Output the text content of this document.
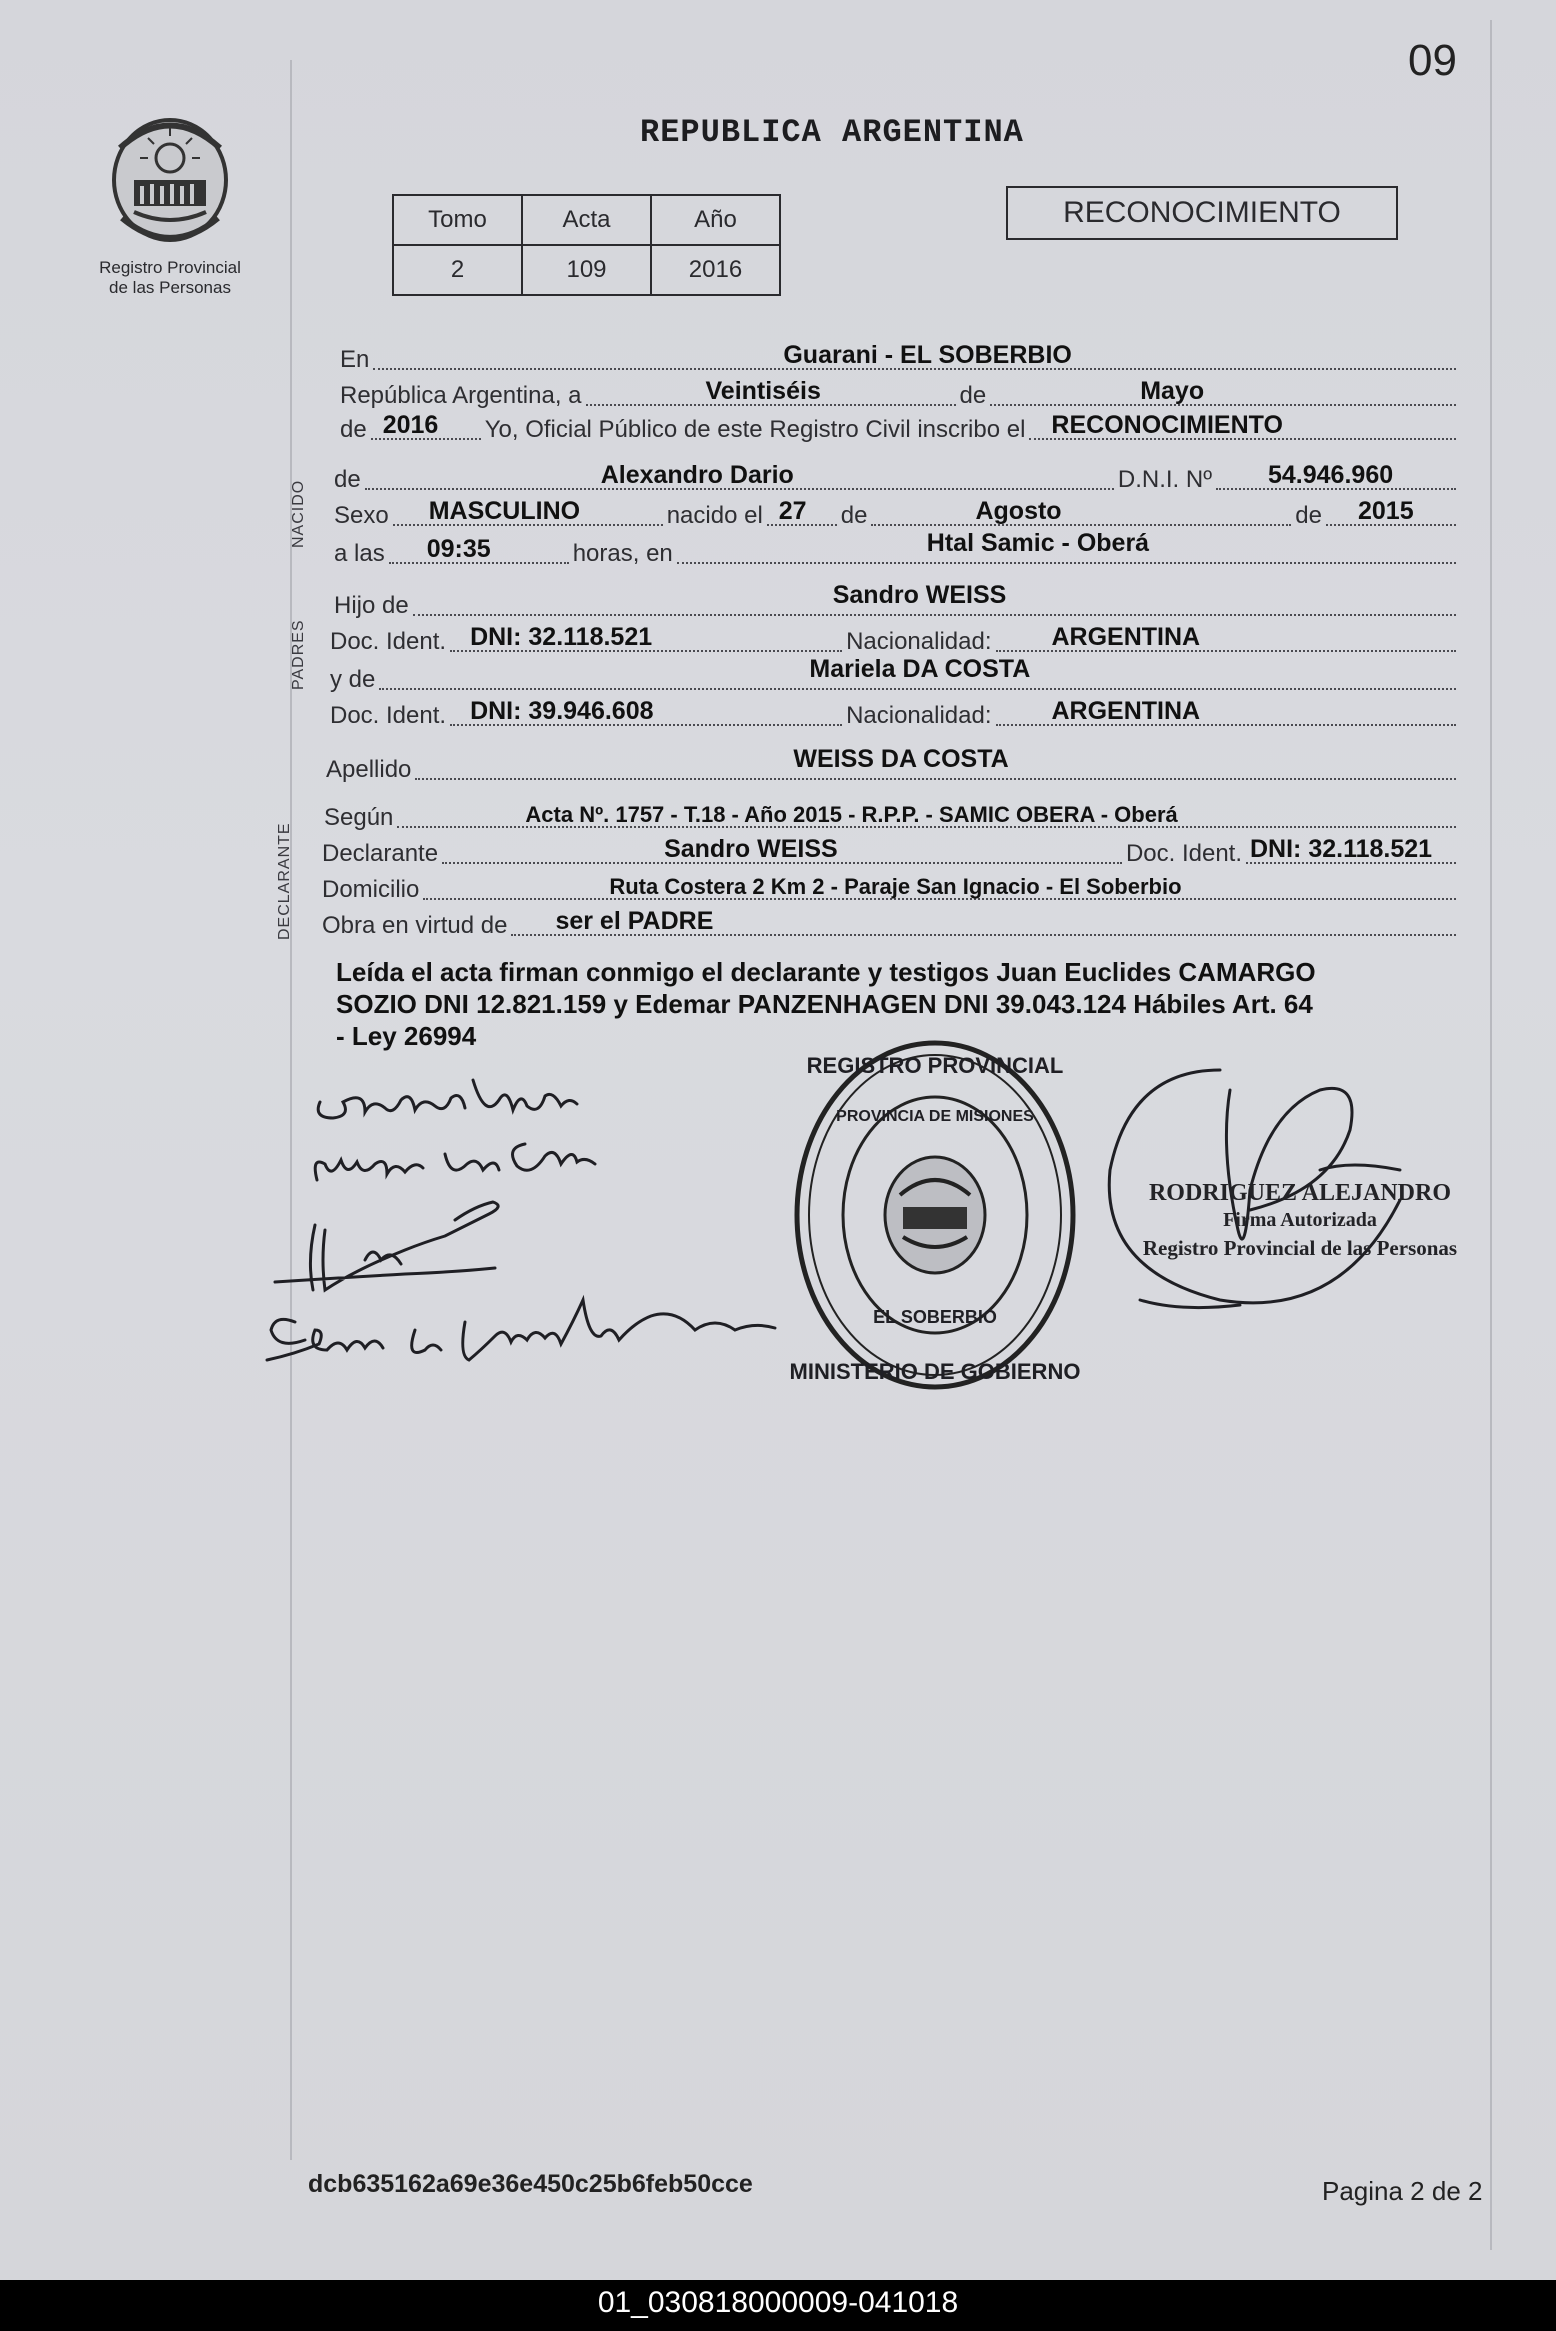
09
Registro Provincial
de las Personas
REPUBLICA ARGENTINA
Tomo	Acta	Año
2	109	2016
RECONOCIMIENTO
NACIDO
PADRES
DECLARANTE
En	Guarani - EL SOBERBIO
República Argentina, a	Veintiséis	de	Mayo
de 2016 Yo, Oficial Público de este Registro Civil inscribo el RECONOCIMIENTO
de	Alexandro Dario	D.N.I. Nº 54.946.960
Sexo MASCULINO	nacido el 27 de	Agosto	de 2015
a las 09:35	horas, en	Htal Samic - Oberá
Hijo de	Sandro WEISS
Doc. Ident. DNI: 32.118.521	Nacionalidad: ARGENTINA
y de	Mariela DA COSTA
Doc. Ident. DNI: 39.946.608	Nacionalidad: ARGENTINA
Apellido	WEISS DA COSTA
Según	Acta Nº. 1757 - T.18 - Año 2015 - R.P.P. - SAMIC OBERA - Oberá
Declarante	Sandro WEISS	Doc. Ident. DNI: 32.118.521
Domicilio	Ruta Costera 2 Km 2 - Paraje San Ignacio - El Soberbio
Obra en virtud de ser el PADRE
Leída el acta firman conmigo el declarante y testigos Juan Euclides CAMARGO
SOZIO DNI 12.821.159 y Edemar PANZENHAGEN DNI 39.043.124 Hábiles Art. 64
- Ley 26994
REGISTRO PROVINCIAL
MINISTERIO DE GOBIERNO
PROVINCIA DE MISIONES
EL SOBERBIO
RODRIGUEZ ALEJANDRO
Firma Autorizada
Registro Provincial de las Personas
dcb635162a69e36e450c25b6feb50cce	Pagina 2 de 2
01_030818000009-041018
